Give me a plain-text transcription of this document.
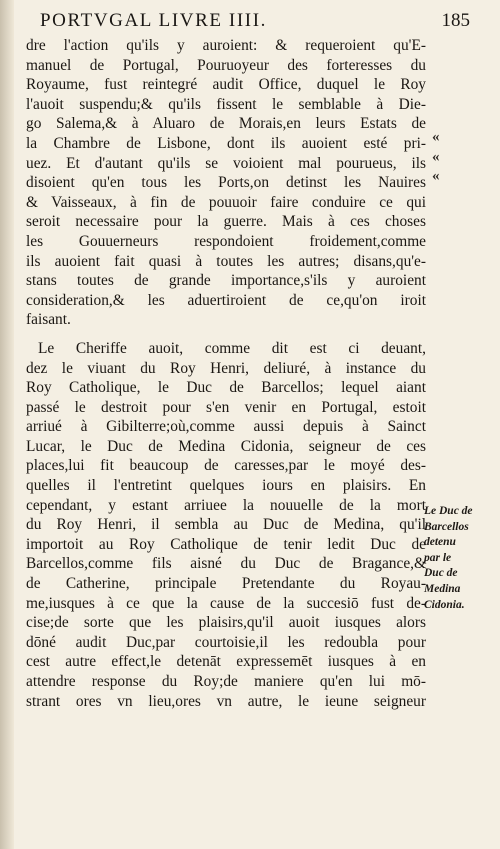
PORTVGAL LIVRE IIII.	185
dre l'action qu'ils y auroient: & requeroient qu'E-
manuel de Portugal, Pouruoyeur des forteresses du
Royaume, fust reintegré audit Office, duquel le Roy
l'auoit suspendu;& qu'ils fissent le semblable à Die-
go Salema,& à Aluaro de Morais,en leurs Estats de
la Chambre de Lisbone, dont ils auoient esté pri-
uez. Et d'autant qu'ils se voioient mal pourueus, ils
disoient qu'en tous les Ports,on detinst les Nauires
& Vaisseaux, à fin de pouuoir faire conduire ce qui
seroit necessaire pour la guerre. Mais à ces choses
les Gouuerneurs respondoient froidement,comme
ils auoient fait quasi à toutes les autres; disans,qu'e-
stans toutes de grande importance,s'ils y auroient
consideration,& les aduertiroient de ce,qu'on iroit
faisant.
Le Cheriffe auoit, comme dit est ci deuant,
dez le viuant du Roy Henri, deliuré, à instance du
Roy Catholique, le Duc de Barcellos; lequel aiant
passé le destroit pour s'en venir en Portugal, estoit
arriué à Gibilterre;où,comme aussi depuis à Sainct
Lucar, le Duc de Medina Cidonia, seigneur de ces
places,lui fit beaucoup de caresses,par le moyé des-
quelles il l'entretint quelques iours en plaisirs. En
cependant, y estant arriuee la nouuelle de la mort
du Roy Henri, il sembla au Duc de Medina, qu'il
importoit au Roy Catholique de tenir ledit Duc de
Barcellos,comme fils aisné du Duc de Bragance,&
de Catherine, principale Pretendante du Royau-
me,iusques à ce que la cause de la succesiō fust de-
cise;de sorte que les plaisirs,qu'il auoit iusques alors
dōné audit Duc,par courtoisie,il les redoubla pour
cest autre effect,le detenāt expressemēt iusques à en
attendre response du Roy;de maniere qu'en lui mō-
strant ores vn lieu,ores vn autre, le ieune seigneur
«
«
«
Le Duc de
Barcellos
detenu
par le
Duc de
Medina
Cidonia.
